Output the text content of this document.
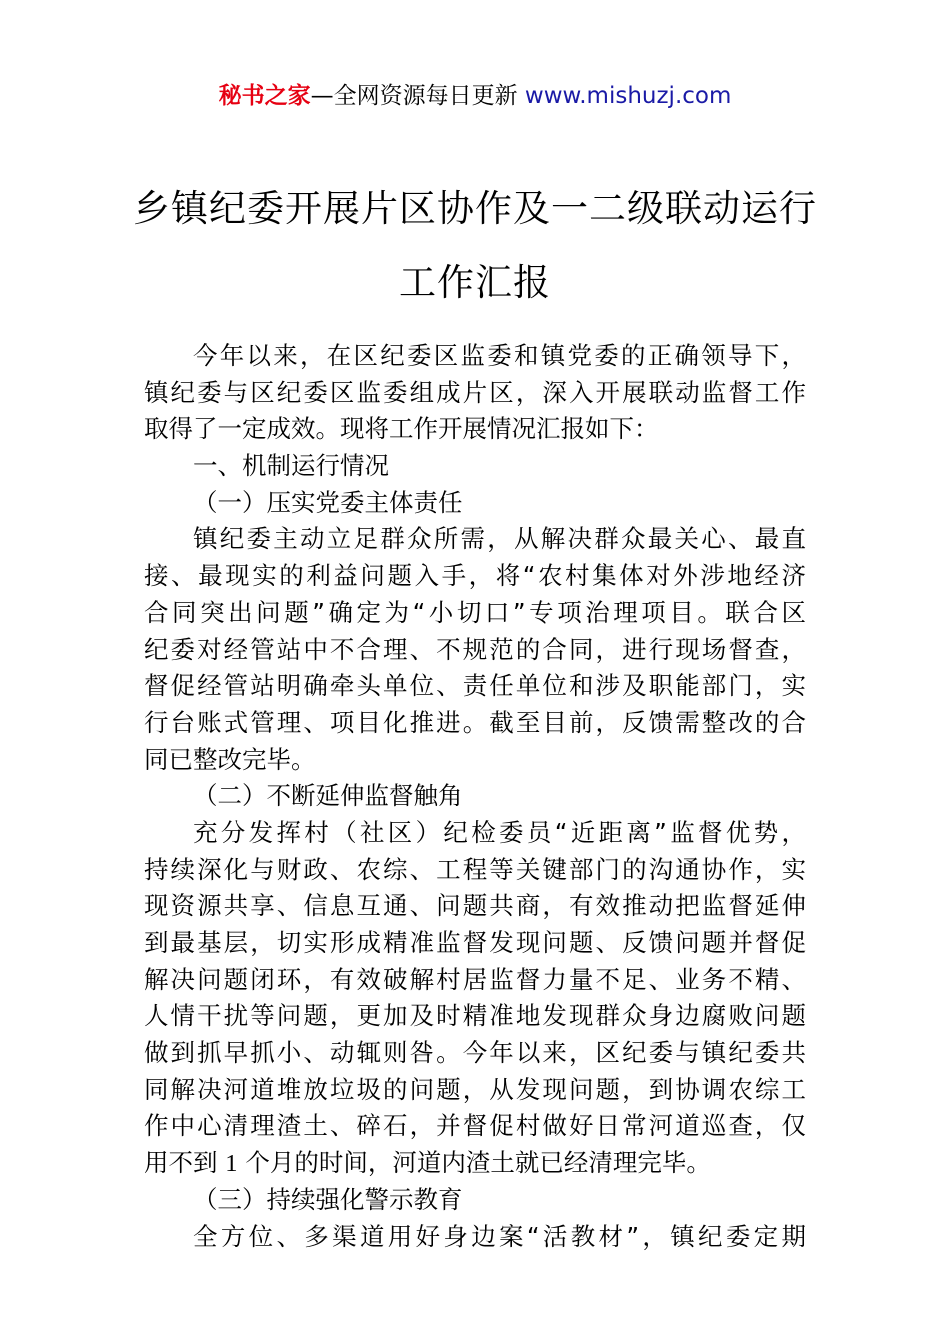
秘书之家—全网资源每日更新 www.mishuzj.com
乡镇纪委开展片区协作及一二级联动运行
工作汇报
今年以来，在区纪委区监委和镇党委的正确领导下，
镇纪委与区纪委区监委组成片区，深入开展联动监督工作
取得了一定成效。现将工作开展情况汇报如下：
一、机制运行情况
（一）压实党委主体责任
镇纪委主动立足群众所需，从解决群众最关心、最直
接、最现实的利益问题入手，将“农村集体对外涉地经济
合同突出问题”确定为“小切口”专项治理项目。联合区
纪委对经管站中不合理、不规范的合同，进行现场督查，
督促经管站明确牵头单位、责任单位和涉及职能部门，实
行台账式管理、项目化推进。截至目前，反馈需整改的合
同已整改完毕。
（二）不断延伸监督触角
充分发挥村（社区）纪检委员“近距离”监督优势，
持续深化与财政、农综、工程等关键部门的沟通协作，实
现资源共享、信息互通、问题共商，有效推动把监督延伸
到最基层，切实形成精准监督发现问题、反馈问题并督促
解决问题闭环，有效破解村居监督力量不足、业务不精、
人情干扰等问题，更加及时精准地发现群众身边腐败问题
做到抓早抓小、动辄则咎。今年以来，区纪委与镇纪委共
同解决河道堆放垃圾的问题，从发现问题，到协调农综工
作中心清理渣土、碎石，并督促村做好日常河道巡查，仅
用不到 1 个月的时间，河道内渣土就已经清理完毕。
（三）持续强化警示教育
全方位、多渠道用好身边案“活教材”，镇纪委定期
